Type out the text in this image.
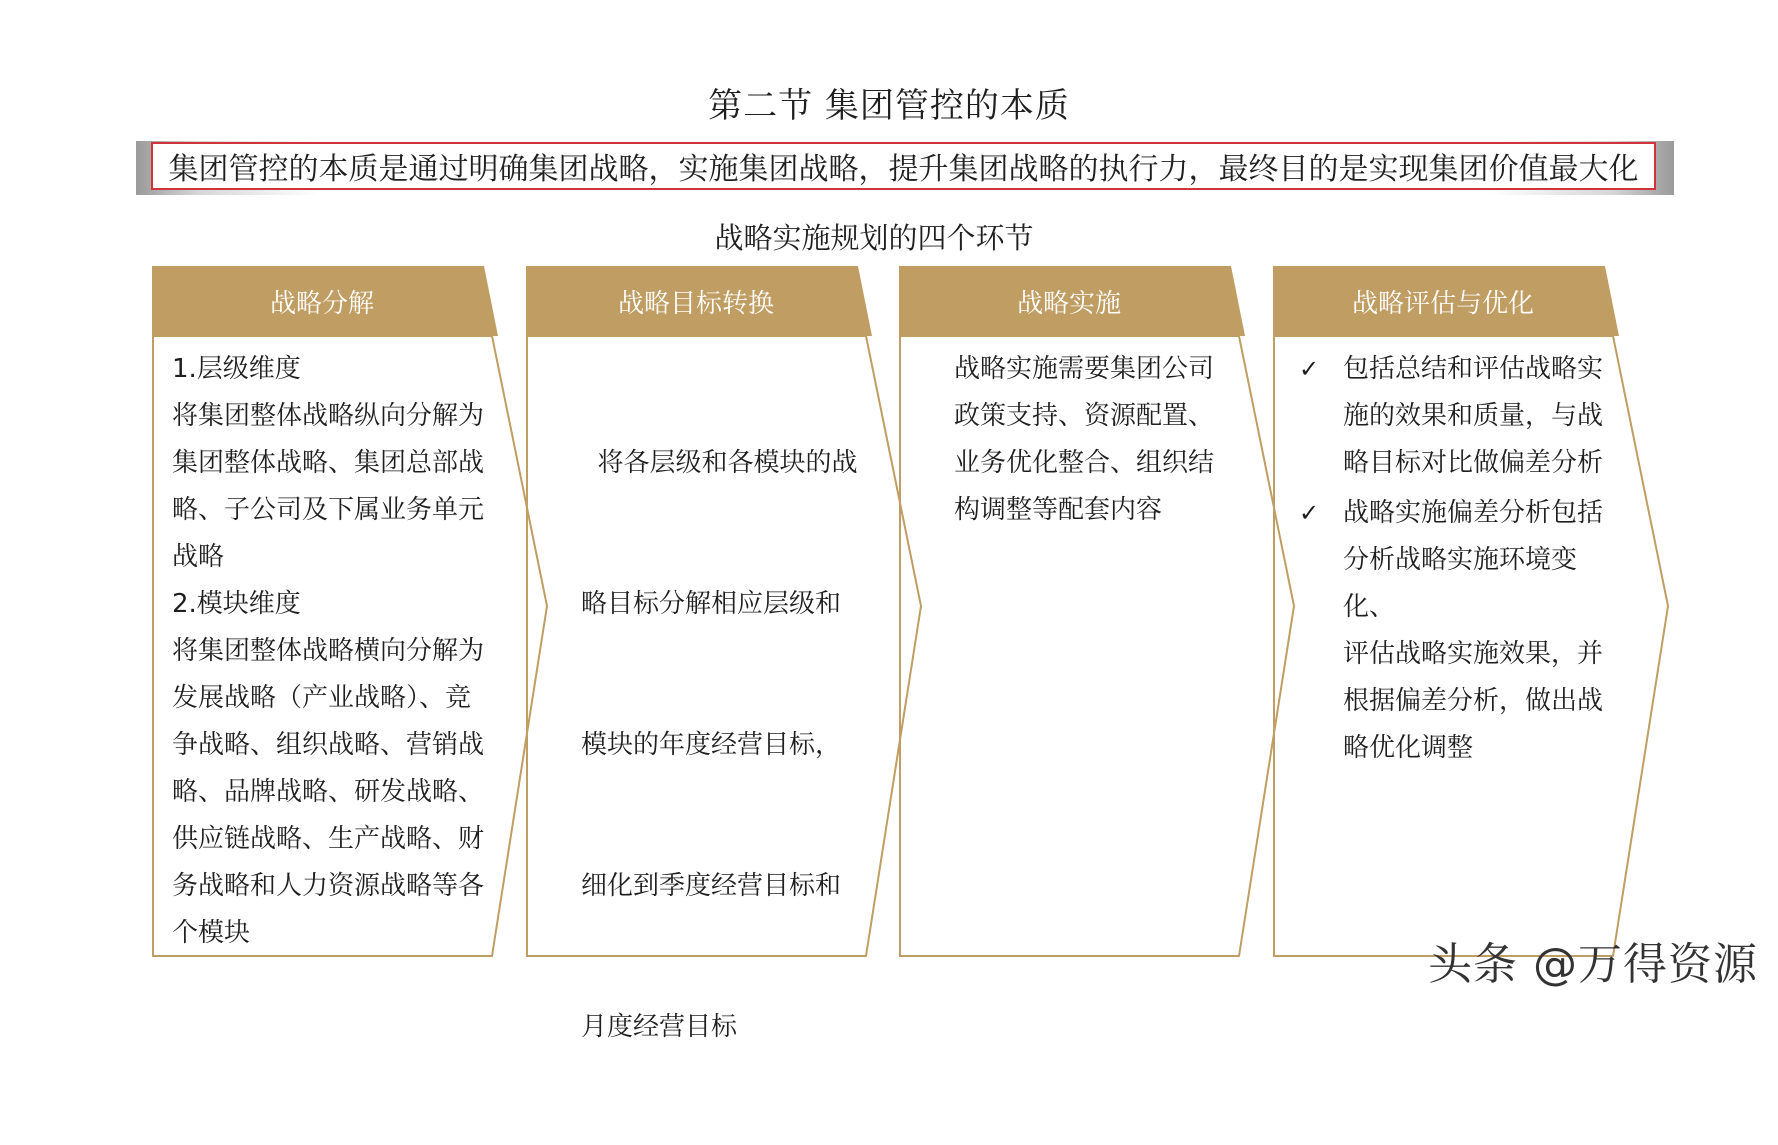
第二节 集团管控的本质
集团管控的本质是通过明确集团战略，实施集团战略，提升集团战略的执行力，最终目的是实现集团价值最大化
战略实施规划的四个环节
战略分解
1.层级维度
将集团整体战略纵向分解为
集团整体战略、集团总部战
略、子公司及下属业务单元
战略
2.模块维度
将集团整体战略横向分解为
发展战略（产业战略）、竞
争战略、组织战略、营销战
略、品牌战略、研发战略、
供应链战略、生产战略、财
务战略和人力资源战略等各
个模块
战略目标转换

将各层级和各模块的战

略目标分解相应层级和

模块的年度经营目标，

细化到季度经营目标和

月度经营目标

战略实施
战略实施需要集团公司
政策支持、资源配置、
业务优化整合、组织结
构调整等配套内容
战略评估与优化
✓ 包括总结和评估战略实
施的效果和质量，与战
略目标对比做偏差分析
✓ 战略实施偏差分析包括
分析战略实施环境变化、
评估战略实施效果，并
根据偏差分析，做出战
略优化调整
头条 @万得资源
